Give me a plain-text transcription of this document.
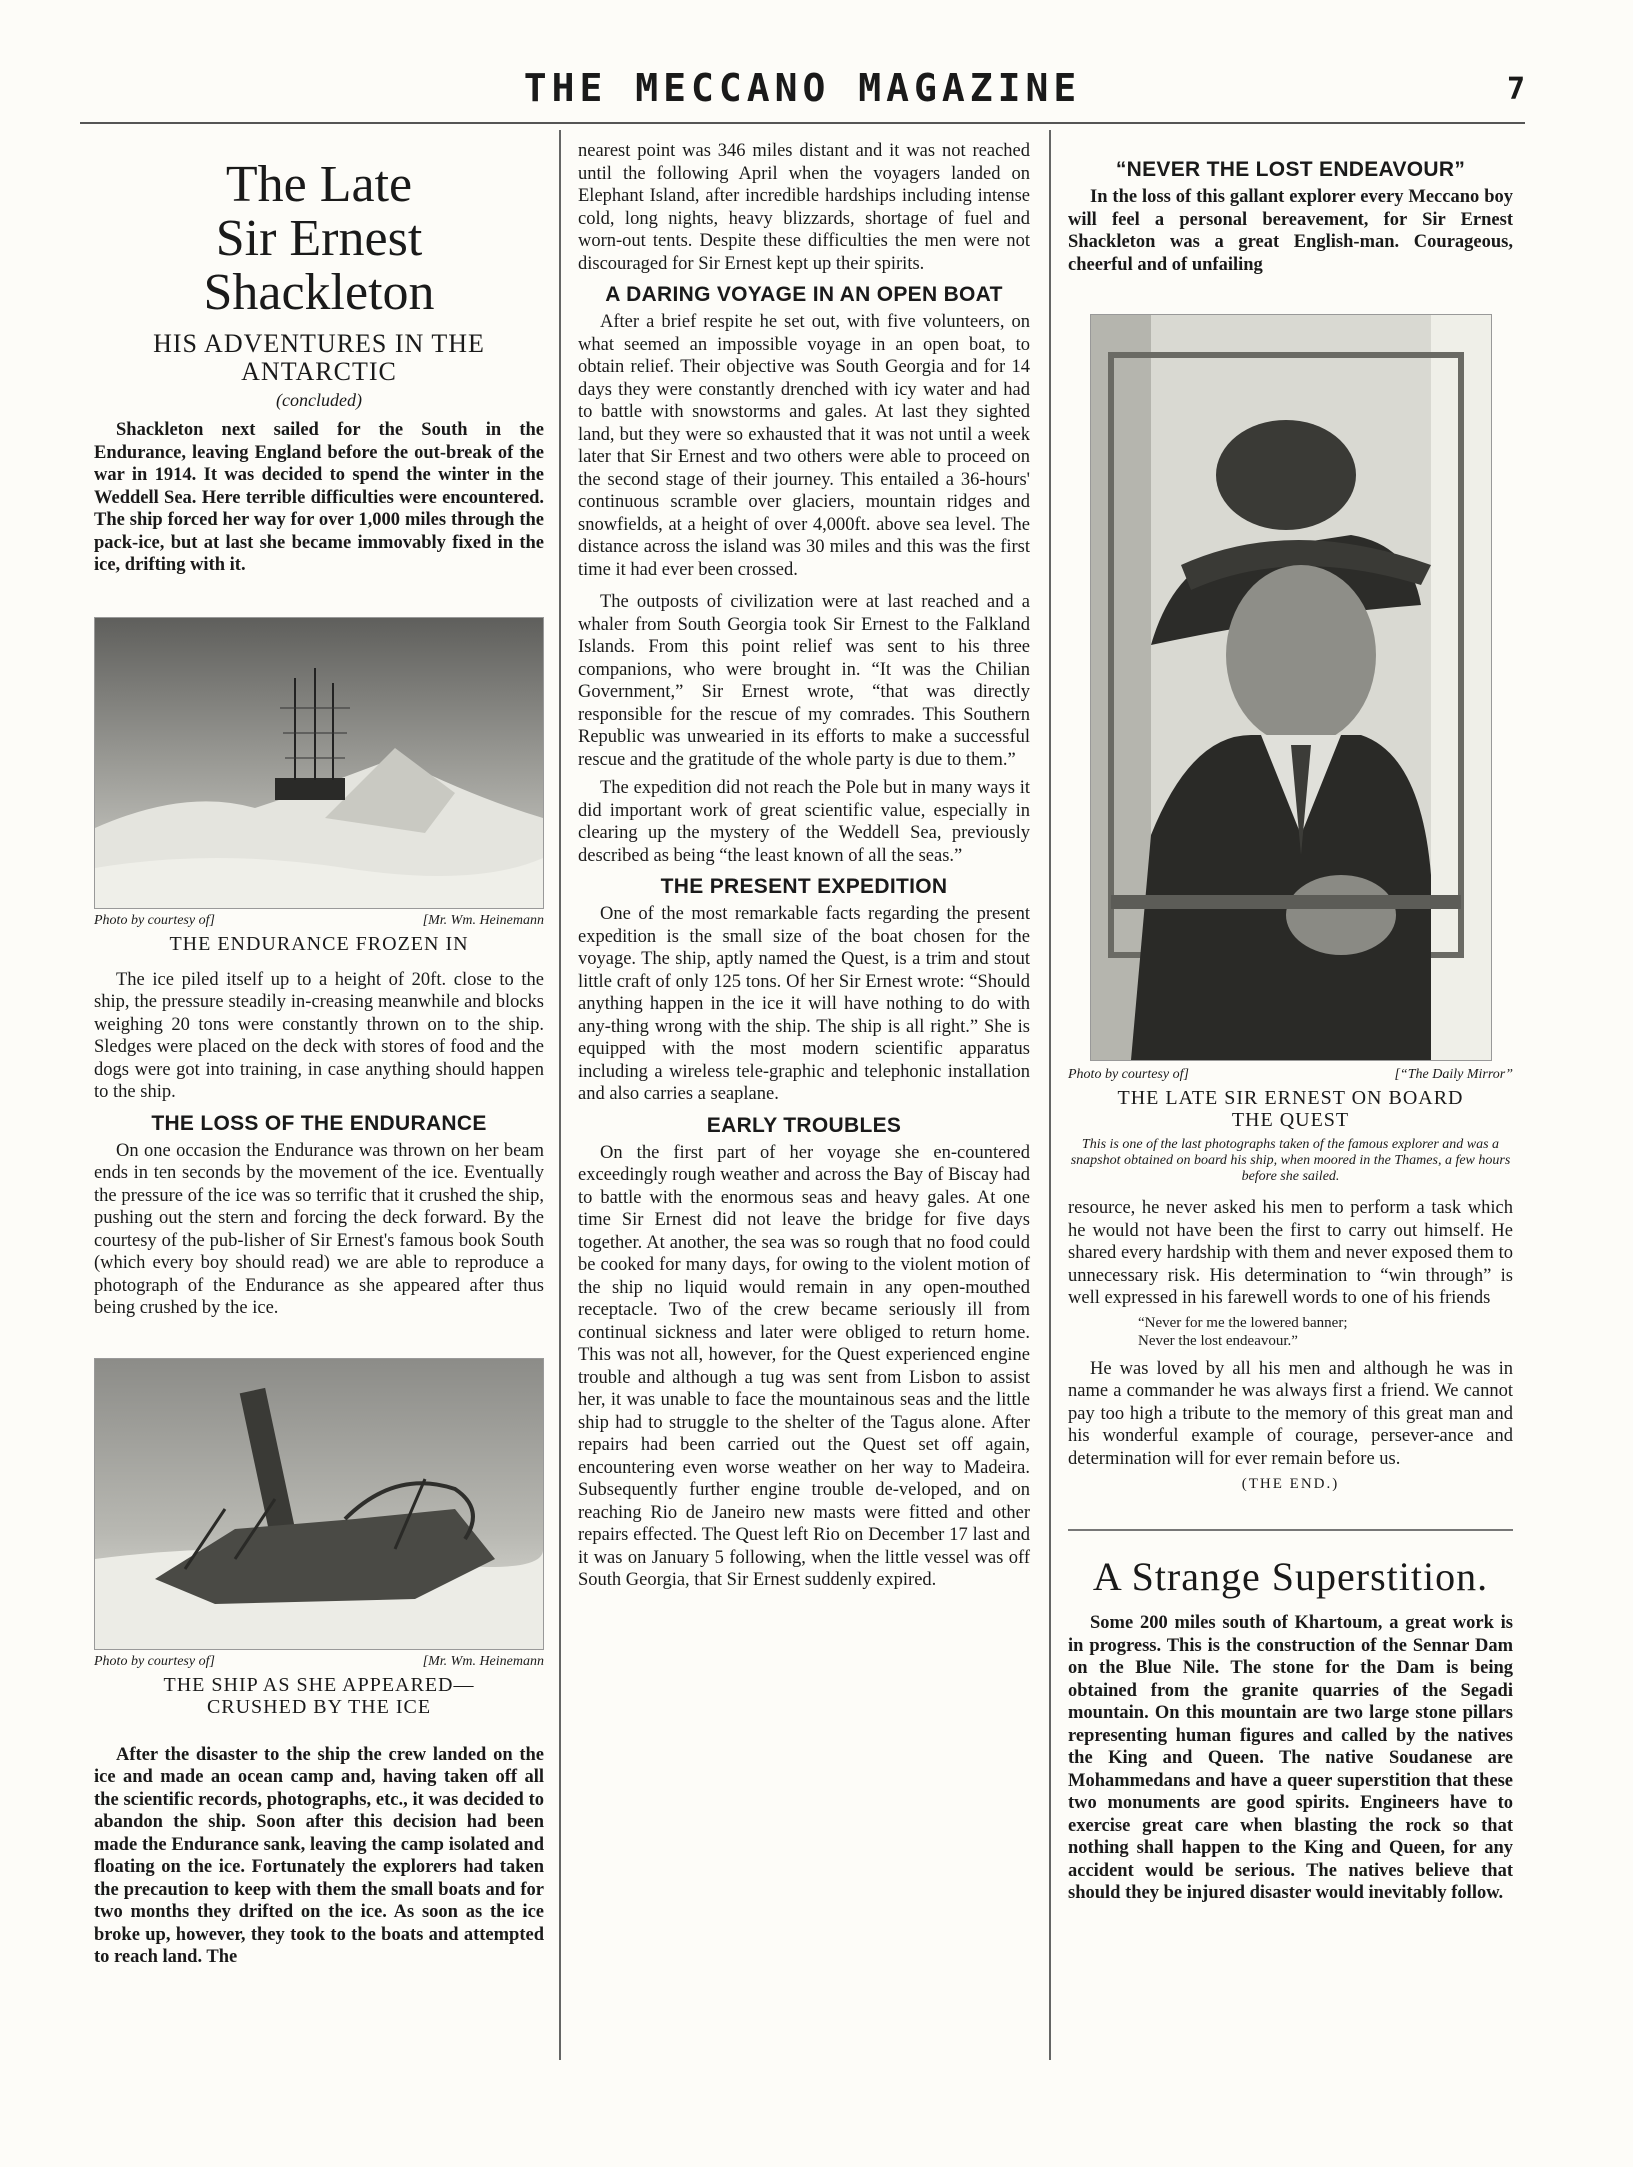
THE MECCANO MAGAZINE	7
The Late
Sir Ernest Shackleton
HIS ADVENTURES IN THE ANTARCTIC
(concluded)

Shackleton next sailed for the South in the Endurance, leaving England before the out-break of the war in 1914. It was decided to spend the winter in the Weddell Sea. Here terrible difficulties were encountered. The ship forced her way for over 1,000 miles through the pack-ice, but at last she became immovably fixed in the ice, drifting with it.

Photo by courtesy of]	[Mr. Wm. Heinemann
THE ENDURANCE FROZEN IN

The ice piled itself up to a height of 20ft. close to the ship, the pressure steadily in-creasing meanwhile and blocks weighing 20 tons were constantly thrown on to the ship. Sledges were placed on the deck with stores of food and the dogs were got into training, in case anything should happen to the ship.

THE LOSS OF THE ENDURANCE

On one occasion the Endurance was thrown on her beam ends in ten seconds by the movement of the ice. Eventually the pressure of the ice was so terrific that it crushed the ship, pushing out the stern and forcing the deck forward. By the courtesy of the pub-lisher of Sir Ernest's famous book South (which every boy should read) we are able to reproduce a photograph of the Endurance as she appeared after thus being crushed by the ice.

Photo by courtesy of]	[Mr. Wm. Heinemann
THE SHIP AS SHE APPEARED—
CRUSHED BY THE ICE

After the disaster to the ship the crew landed on the ice and made an ocean camp and, having taken off all the scientific records, photographs, etc., it was decided to abandon the ship. Soon after this decision had been made the Endurance sank, leaving the camp isolated and floating on the ice. Fortunately the explorers had taken the precaution to keep with them the small boats and for two months they drifted on the ice. As soon as the ice broke up, however, they took to the boats and attempted to reach land. The

nearest point was 346 miles distant and it was not reached until the following April when the voyagers landed on Elephant Island, after incredible hardships including intense cold, long nights, heavy blizzards, shortage of fuel and worn-out tents. Despite these difficulties the men were not discouraged for Sir Ernest kept up their spirits.

A DARING VOYAGE IN AN OPEN BOAT

After a brief respite he set out, with five volunteers, on what seemed an impossible voyage in an open boat, to obtain relief. Their objective was South Georgia and for 14 days they were constantly drenched with icy water and had to battle with snowstorms and gales. At last they sighted land, but they were so exhausted that it was not until a week later that Sir Ernest and two others were able to proceed on the second stage of their journey. This entailed a 36-hours' continuous scramble over glaciers, mountain ridges and snowfields, at a height of over 4,000ft. above sea level. The distance across the island was 30 miles and this was the first time it had ever been crossed.

The outposts of civilization were at last reached and a whaler from South Georgia took Sir Ernest to the Falkland Islands. From this point relief was sent to his three companions, who were brought in. “It was the Chilian Government,” Sir Ernest wrote, “that was directly responsible for the rescue of my comrades. This Southern Republic was unwearied in its efforts to make a successful rescue and the gratitude of the whole party is due to them.”

The expedition did not reach the Pole but in many ways it did important work of great scientific value, especially in clearing up the mystery of the Weddell Sea, previously described as being “the least known of all the seas.”

THE PRESENT EXPEDITION

One of the most remarkable facts regarding the present expedition is the small size of the boat chosen for the voyage. The ship, aptly named the Quest, is a trim and stout little craft of only 125 tons. Of her Sir Ernest wrote: “Should anything happen in the ice it will have nothing to do with any-thing wrong with the ship. The ship is all right.” She is equipped with the most modern scientific apparatus including a wireless tele-graphic and telephonic installation and also carries a seaplane.

EARLY TROUBLES

On the first part of her voyage she en-countered exceedingly rough weather and across the Bay of Biscay had to battle with the enormous seas and heavy gales. At one time Sir Ernest did not leave the bridge for five days together. At another, the sea was so rough that no food could be cooked for many days, for owing to the violent motion of the ship no liquid would remain in any open-mouthed receptacle. Two of the crew became seriously ill from continual sickness and later were obliged to return home. This was not all, however, for the Quest experienced engine trouble and although a tug was sent from Lisbon to assist her, it was unable to face the mountainous seas and the little ship had to struggle to the shelter of the Tagus alone. After repairs had been carried out the Quest set off again, encountering even worse weather on her way to Madeira. Subsequently further engine trouble de-veloped, and on reaching Rio de Janeiro new masts were fitted and other repairs effected. The Quest left Rio on December 17 last and it was on January 5 following, when the little vessel was off South Georgia, that Sir Ernest suddenly expired.

“NEVER THE LOST ENDEAVOUR”

In the loss of this gallant explorer every Meccano boy will feel a personal bereavement, for Sir Ernest Shackleton was a great English-man. Courageous, cheerful and of unfailing

Photo by courtesy of]	[“The Daily Mirror”
THE LATE SIR ERNEST ON BOARD
THE QUEST
This is one of the last photographs taken of the famous explorer and was a snapshot obtained on board his ship, when moored in the Thames, a few hours before she sailed.

resource, he never asked his men to perform a task which he would not have been the first to carry out himself. He shared every hardship with them and never exposed them to unnecessary risk. His determination to “win through” is well expressed in his farewell words to one of his friends

“Never for me the lowered banner;
Never the lost endeavour.”

He was loved by all his men and although he was in name a commander he was always first a friend. We cannot pay too high a tribute to the memory of this great man and his wonderful example of courage, persever-ance and determination will for ever remain before us.

(THE END.)
A Strange Superstition.

Some 200 miles south of Khartoum, a great work is in progress. This is the construction of the Sennar Dam on the Blue Nile. The stone for the Dam is being obtained from the granite quarries of the Segadi mountain. On this mountain are two large stone pillars representing human figures and called by the natives the King and Queen. The native Soudanese are Mohammedans and have a queer superstition that these two monuments are good spirits. Engineers have to exercise great care when blasting the rock so that nothing shall happen to the King and Queen, for any accident would be serious. The natives believe that should they be injured disaster would inevitably follow.
